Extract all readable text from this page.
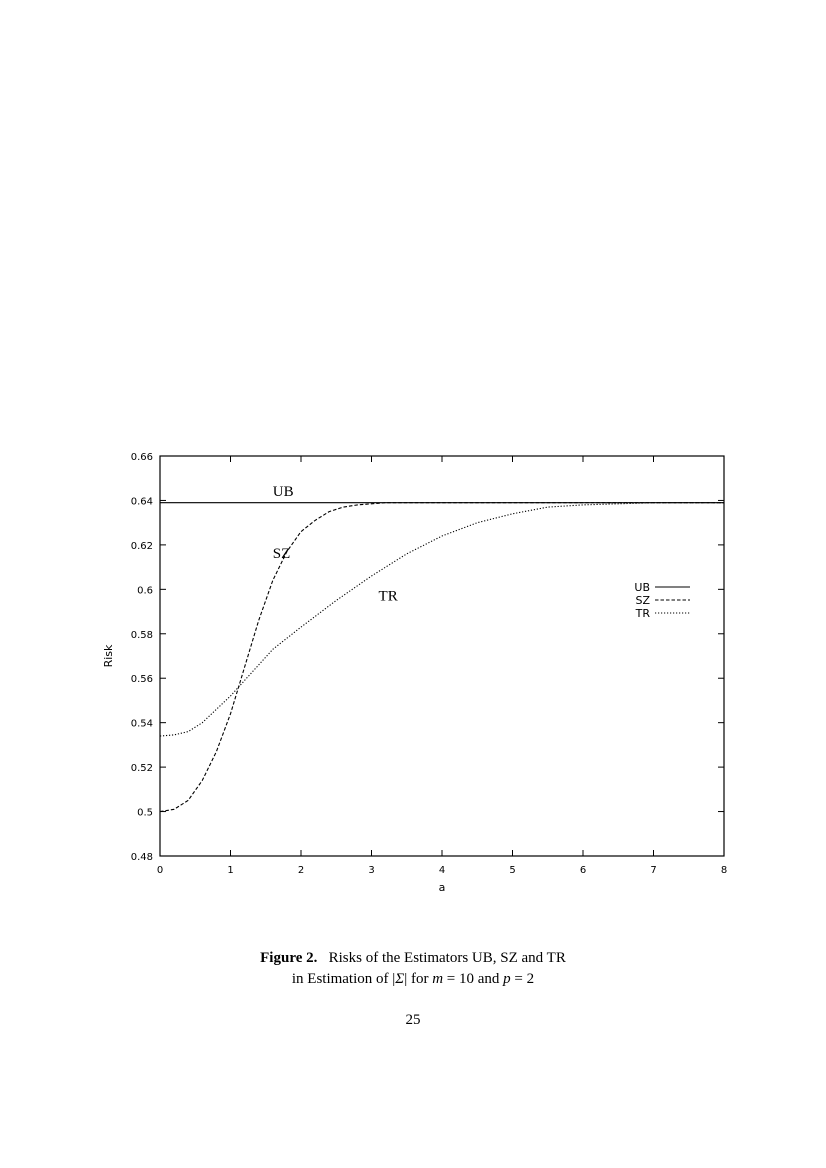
0	1	2	3	4	5	6	7	8
0.48
0.5
0.52
0.54
0.56
0.58
0.6
0.62
0.64
0.66
a
Risk
UB
SZ
TR
UB
SZ
TR
Figure 2. Risks of the Estimators UB, SZ and TR
in Estimation of |Σ| for m = 10 and p = 2
25
